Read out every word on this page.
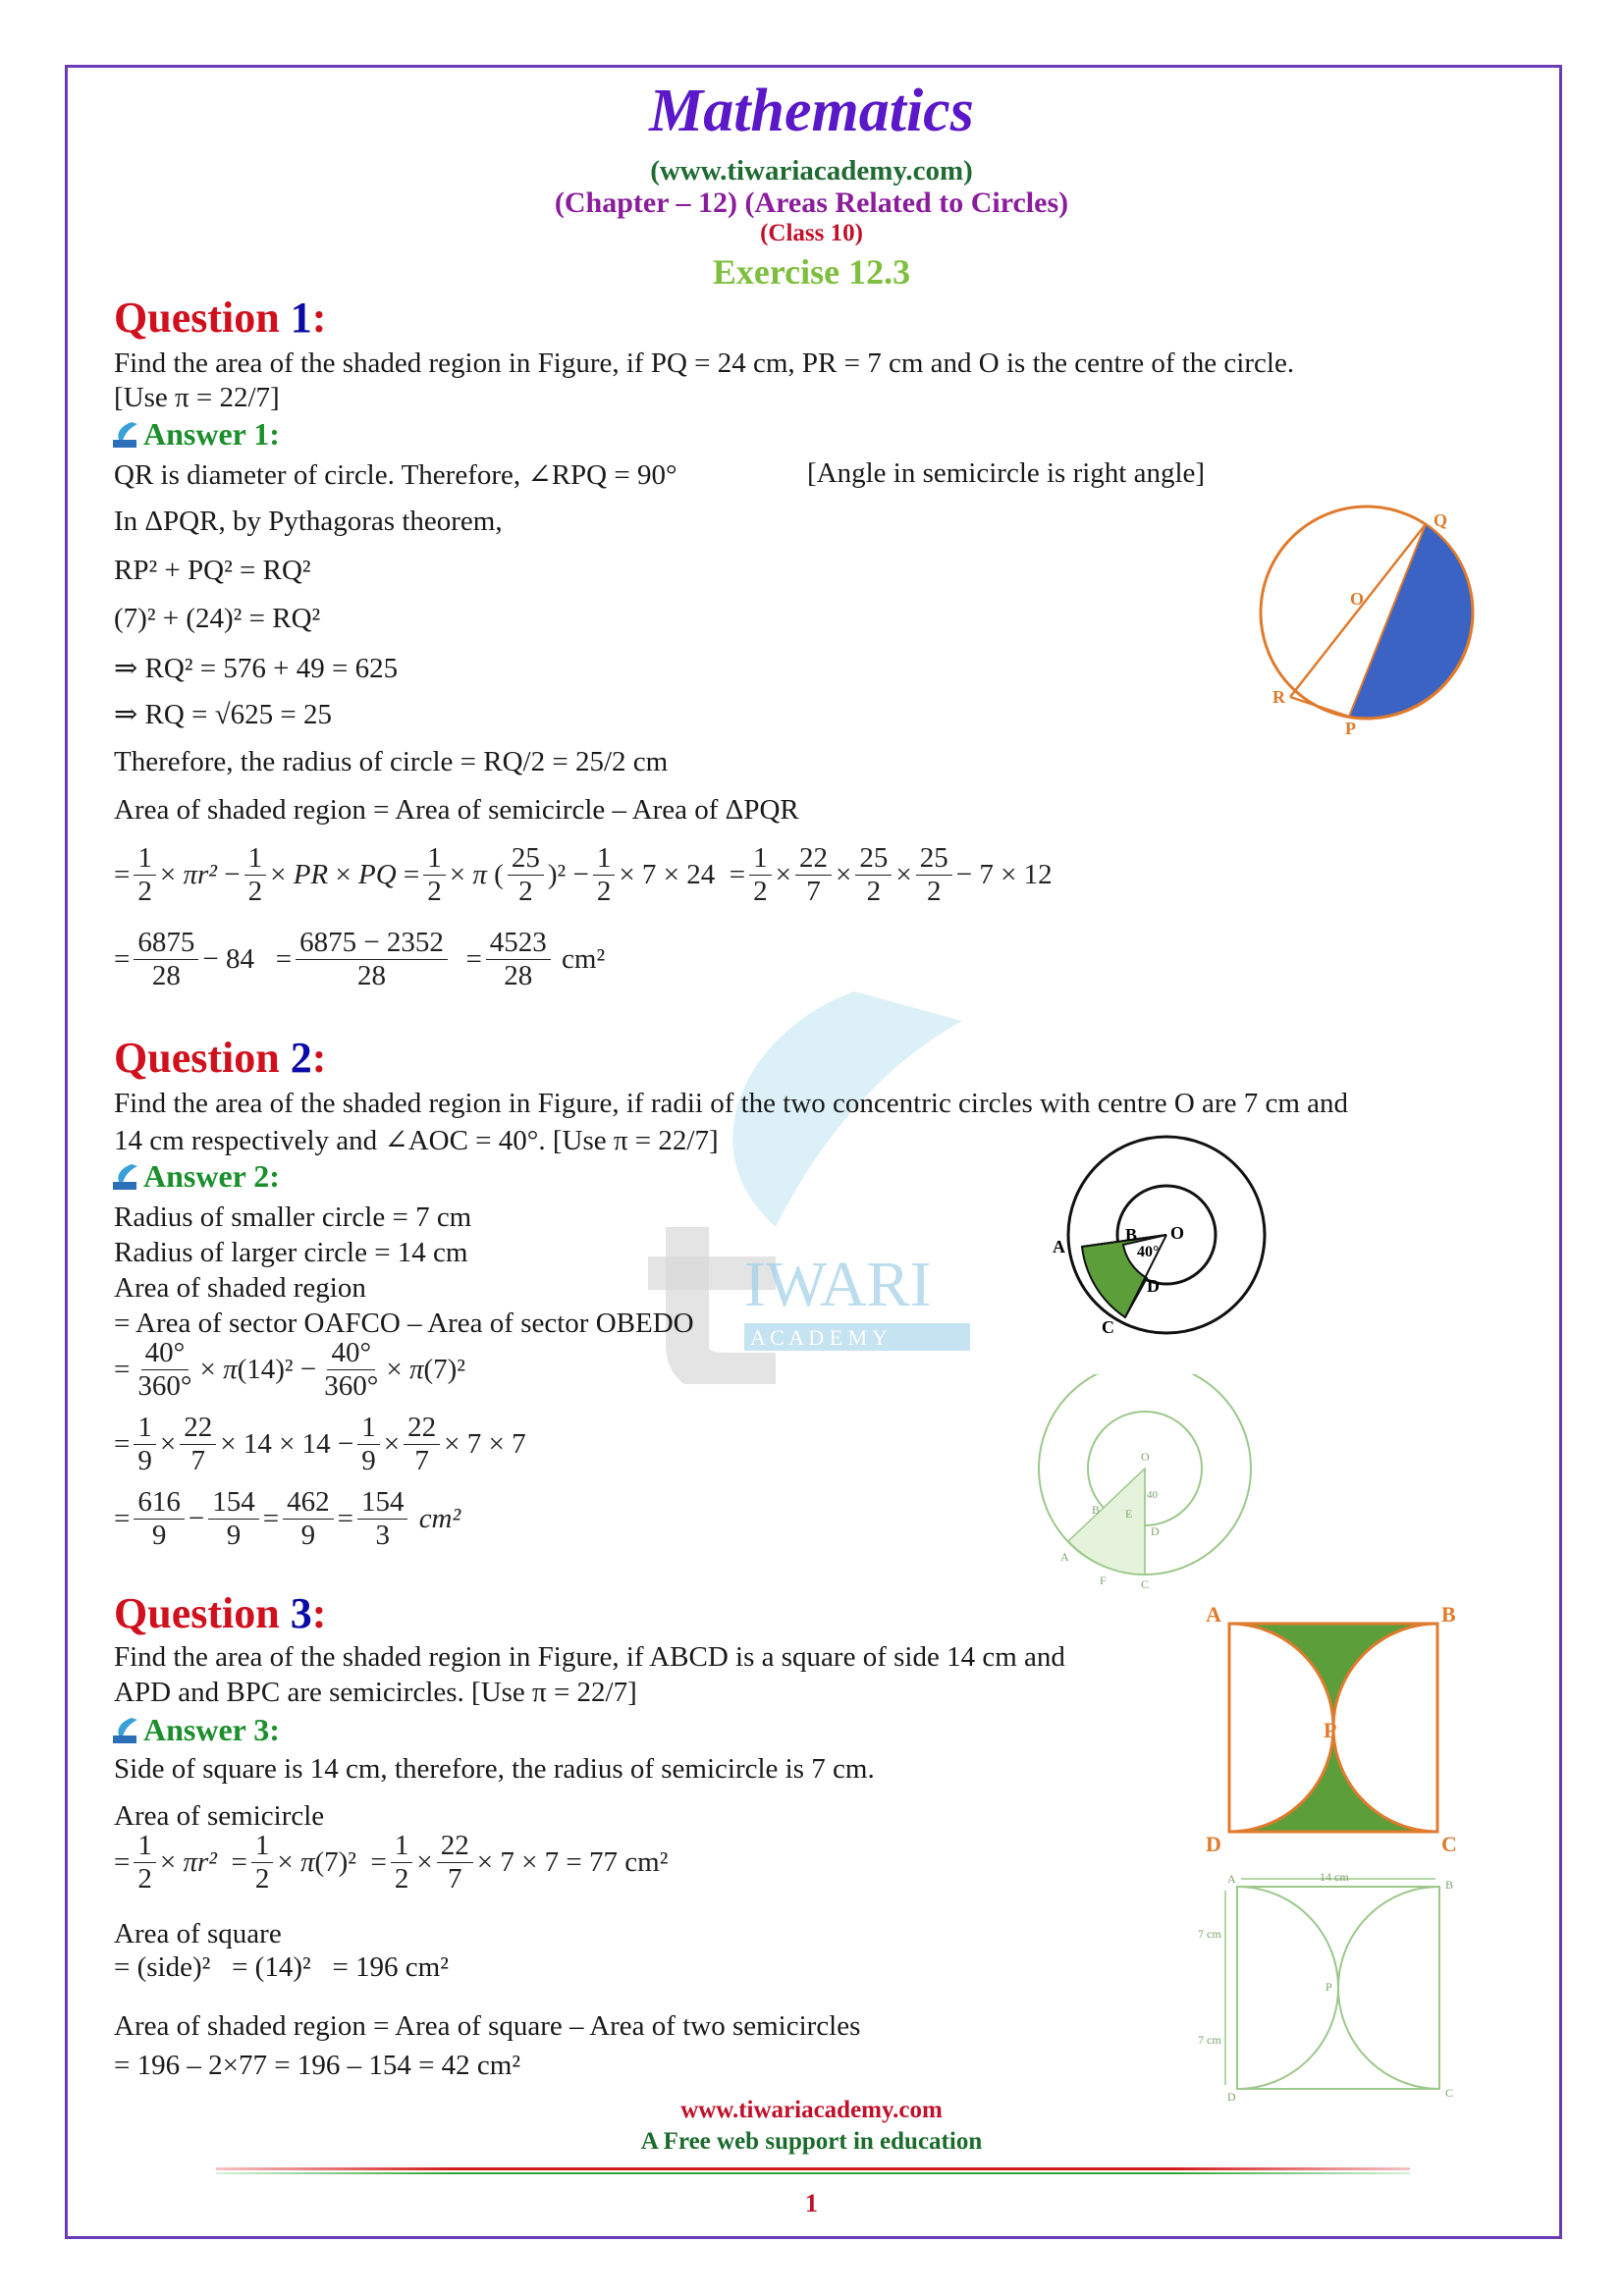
IWARI
A C A D E M Y
Mathematics
(www.tiwariacademy.com)
(Chapter – 12) (Areas Related to Circles)
(Class 10)
Exercise 12.3
Question 1:
Find the area of the shaded region in Figure, if PQ = 24 cm, PR = 7 cm and O is the centre of the circle.
[Use π = 22/7]
Answer 1:
QR is diameter of circle. Therefore, ∠RPQ = 90°	[Angle in semicircle is right angle]
In ΔPQR, by Pythagoras theorem,
RP² + PQ² = RQ²
(7)² + (24)² = RQ²
⇒ RQ² = 576 + 49 = 625
⇒ RQ = √625 = 25
Therefore, the radius of circle = RQ/2 = 25/2 cm
Area of shaded region = Area of semicircle – Area of ΔPQR
= $\frac{1}{2} \times \pi r^2 - \frac{1}{2}$ × PR × PQ = $\frac{1}{2} \times \pi$ ( $\frac{25}{2} )^2 - \frac{1}{2} \times 7 \times 24 = \frac{1}{2} \times \frac{22}{7} \times \frac{25}{2} \times \frac{25}{2} - 7 \times 12$
= $\frac{6875}{28} - 84 = \frac{6875 - 2352}{28} = \frac{4523}{28} cm^2$
Q
O
R
P
Question 2:
Find the area of the shaded region in Figure, if radii of the two concentric circles with centre O are 7 cm and
14 cm respectively and ∠AOC = 40°. [Use π = 22/7]
Answer 2:
Radius of smaller circle = 7 cm
Radius of larger circle = 14 cm
Area of shaded region
= Area of sector OAFCO – Area of sector OBEDO
= $\frac{40^\circ}{360^\circ} \times \pi$ $(14)^2 - \frac{40^\circ}{360^\circ} \times \pi$ (7)²
= $\frac{1}{9} \times \frac{22}{7} \times 14 \times 14 - \frac{1}{9} \times \frac{22}{7} \times 7 \times 7$
= $\frac{616}{9} - \frac{154}{9} = \frac{462}{9} = \frac{154}{3} cm^2$
A
B O
40°
D
C
O
40
B E
D
A
F	C
Question 3:
Find the area of the shaded region in Figure, if ABCD is a square of side 14 cm and
APD and BPC are semicircles. [Use π = 22/7]
Answer 3:
Side of square is 14 cm, therefore, the radius of semicircle is 7 cm.
Area of semicircle
= $\frac{1}{2} \times \pi r^2 = \frac{1}{2} \times \pi$ $(7)^2 = \frac{1}{2} \times \frac{22}{7} \times 7 \times 7 = 77$ cm²
Area of square
= (side)²   = (14)²   = 196 cm²
Area of shaded region = Area of square – Area of two semicircles
= 196 – 2×77 = 196 – 154 = 42 cm²
A	B
P
D	C
A	B
14 cm
7 cm
7 cm
P
D	C
www.tiwariacademy.com
A Free web support in education
1
